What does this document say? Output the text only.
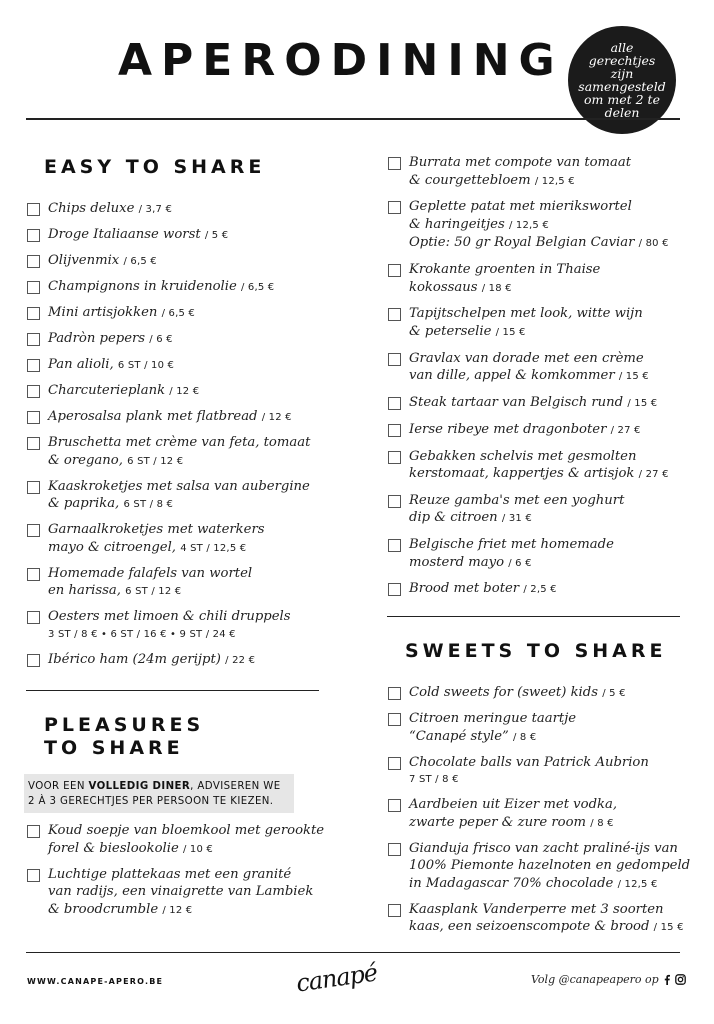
APERODINING	alle gerechtjes zijn samengesteld om met 2 te delen
EASY TO SHARE
Chips deluxe / 3,7 €
Droge Italiaanse worst / 5 €
Olijvenmix / 6,5 €
Champignons in kruidenolie / 6,5 €
Mini artisjokken / 6,5 €
Padròn pepers / 6 €
Pan alioli, 6 ST / 10 €
Charcuterieplank / 12 €
Aperosalsa plank met flatbread / 12 €
Bruschetta met crème van feta, tomaat
& oregano, 6 ST / 12 €
Kaaskroketjes met salsa van aubergine
& paprika, 6 ST / 8 €
Garnaalkroketjes met waterkers
mayo & citroengel, 4 ST / 12,5 €
Homemade falafels van wortel
en harissa, 6 ST / 12 €
Oesters met limoen & chili druppels
3 ST / 8 € • 6 ST / 16 € • 9 ST / 24 €
Ibérico ham (24m gerijpt) / 22 €
PLEASURES
TO SHARE
VOOR EEN VOLLEDIG DINER, ADVISEREN WE 2 À 3 GERECHTJES PER PERSOON TE KIEZEN.
Koud soepje van bloemkool met gerookte
forel & bieslookolie / 10 €
Luchtige plattekaas met een granité
van radijs, een vinaigrette van Lambiek
& broodcrumble / 12 €
Burrata met compote van tomaat
& courgettebloem / 12,5 €
Geplette patat met mierikswortel
& haringeitjes / 12,5 €
Optie: 50 gr Royal Belgian Caviar / 80 €
Krokante groenten in Thaise
kokossaus / 18 €
Tapijtschelpen met look, witte wijn
& peterselie / 15 €
Gravlax van dorade met een crème
van dille, appel & komkommer / 15 €
Steak tartaar van Belgisch rund / 15 €
Ierse ribeye met dragonboter / 27 €
Gebakken schelvis met gesmolten
kerstomaat, kappertjes & artisjok / 27 €
Reuze gamba's met een yoghurt
dip & citroen / 31 €
Belgische friet met homemade
mosterd mayo / 6 €
Brood met boter / 2,5 €
SWEETS TO SHARE
Cold sweets for (sweet) kids / 5 €
Citroen meringue taartje
“Canapé style” / 8 €
Chocolate balls van Patrick Aubrion
7 ST / 8 €
Aardbeien uit Eizer met vodka,
zwarte peper & zure room / 8 €
Gianduja frisco van zacht praliné-ijs van
100% Piemonte hazelnoten en gedompeld
in Madagascar 70% chocolade / 12,5 €
Kaasplank Vanderperre met 3 soorten
kaas, een seizoenscompote & brood / 15 €
WWW.CANAPE-APERO.BE	canapé	Volg @canapeapero op
